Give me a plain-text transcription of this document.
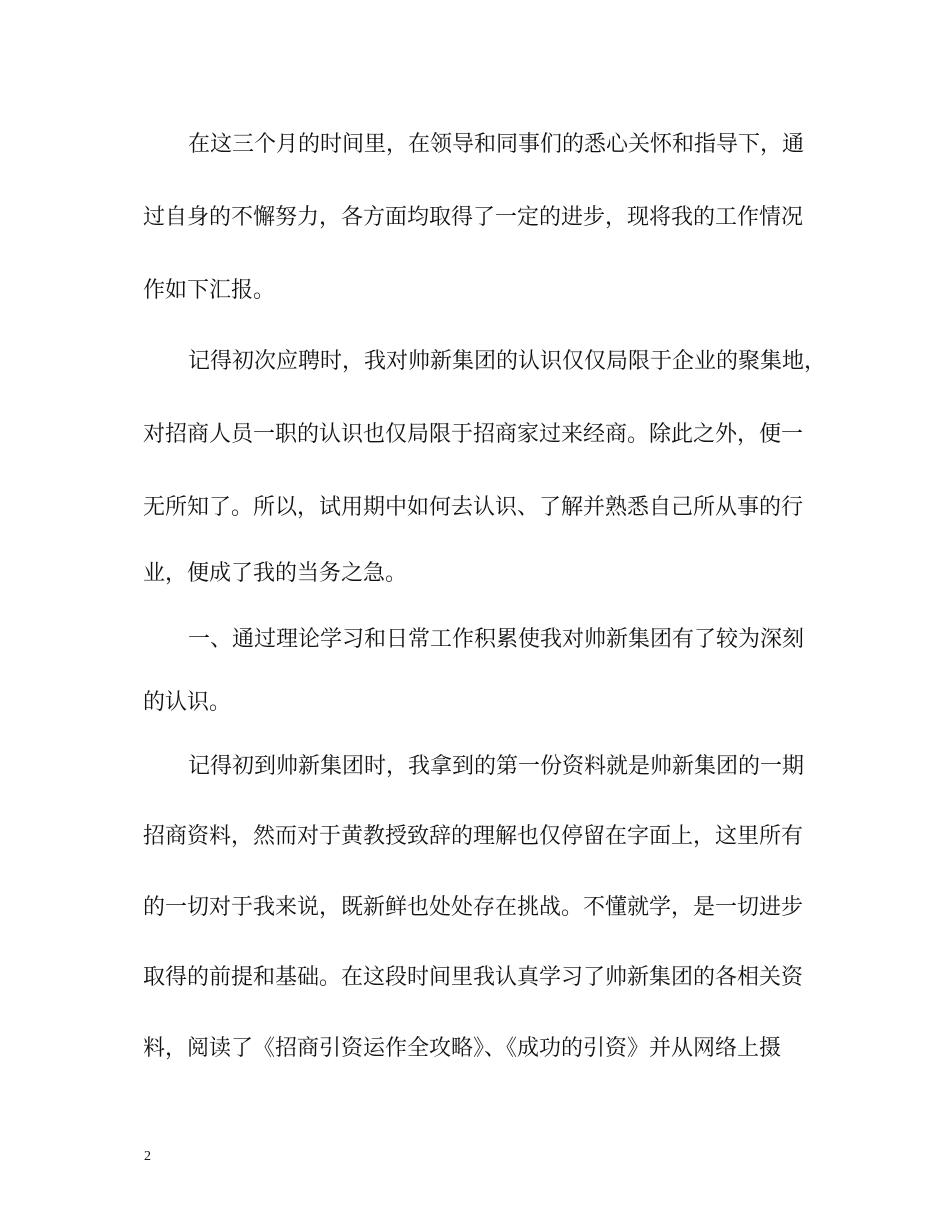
在这三个月的时间里，在领导和同事们的悉心关怀和指导下，通
过自身的不懈努力，各方面均取得了一定的进步，现将我的工作情况
作如下汇报。
记得初次应聘时，我对帅新集团的认识仅仅局限于企业的聚集地，
对招商人员一职的认识也仅局限于招商家过来经商。除此之外，便一
无所知了。所以，试用期中如何去认识、了解并熟悉自己所从事的行
业，便成了我的当务之急。
一、通过理论学习和日常工作积累使我对帅新集团有了较为深刻
的认识。
记得初到帅新集团时，我拿到的第一份资料就是帅新集团的一期
招商资料，然而对于黄教授致辞的理解也仅停留在字面上，这里所有
的一切对于我来说，既新鲜也处处存在挑战。不懂就学，是一切进步
取得的前提和基础。在这段时间里我认真学习了帅新集团的各相关资
料，阅读了《招商引资运作全攻略》、《成功的引资》并从网络上摄
2
